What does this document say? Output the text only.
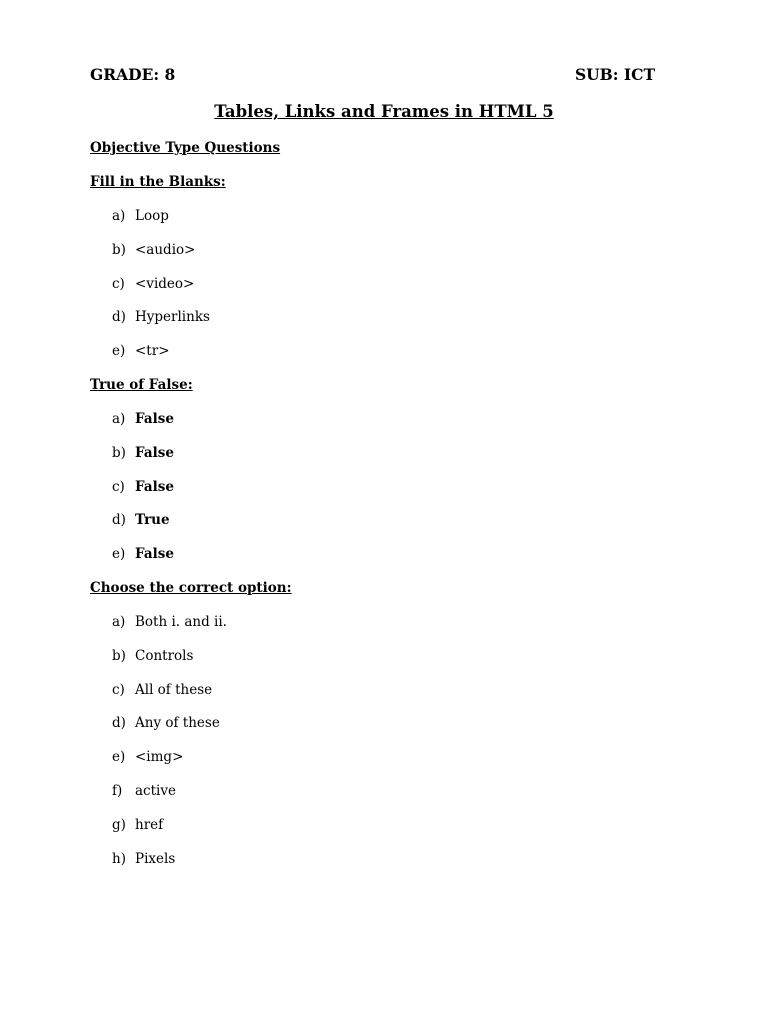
GRADE: 8	SUB: ICT
Tables, Links and Frames in HTML 5
Objective Type Questions
Fill in the Blanks:
a) Loop
b) <audio>
c) <video>
d) Hyperlinks
e) <tr>
True of False:
a) False
b) False
c) False
d) True
e) False
Choose the correct option:
a) Both i. and ii.
b) Controls
c) All of these
d) Any of these
e) <img>
f) active
g) href
h) Pixels
